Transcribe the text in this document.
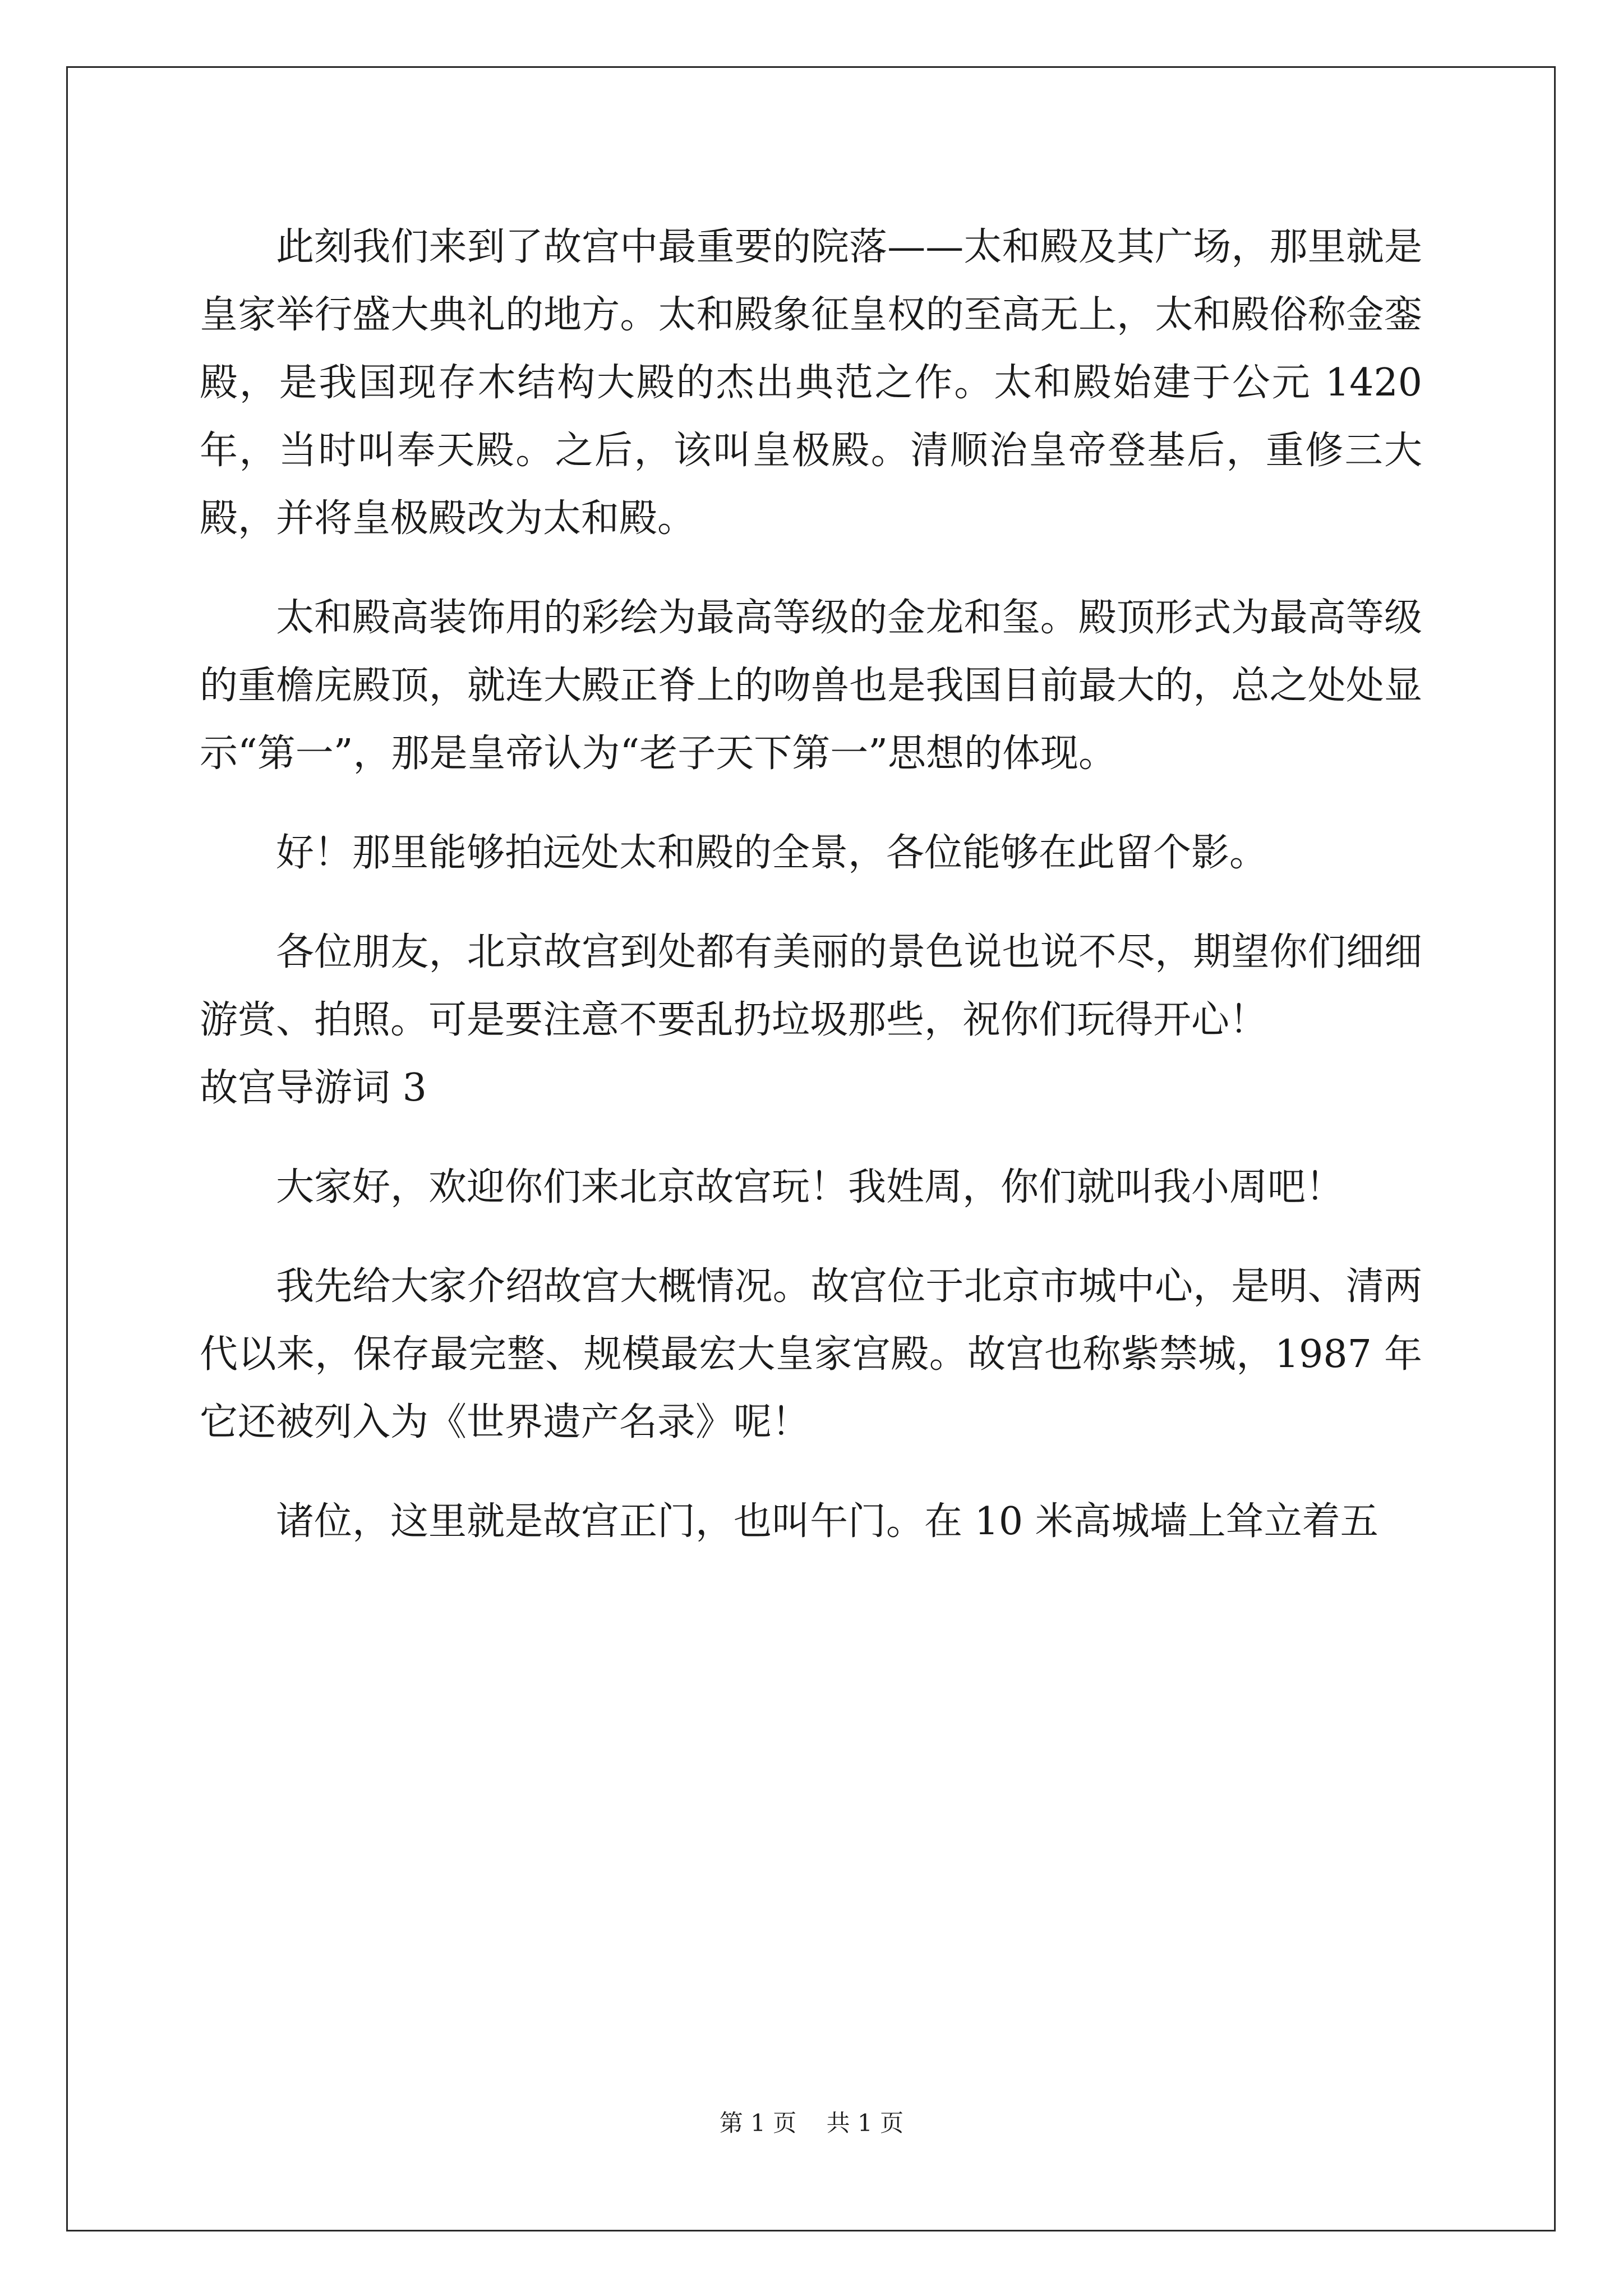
此刻我们来到了故宫中最重要的院落——太和殿及其广场，那里就是皇家举行盛大典礼的地方。太和殿象征皇权的至高无上，太和殿俗称金銮殿，是我国现存木结构大殿的杰出典范之作。太和殿始建于公元 1420 年，当时叫奉天殿。之后，该叫皇极殿。清顺治皇帝登基后，重修三大殿，并将皇极殿改为太和殿。

太和殿高装饰用的彩绘为最高等级的金龙和玺。殿顶形式为最高等级的重檐庑殿顶，就连大殿正脊上的吻兽也是我国目前最大的，总之处处显示“第一”，那是皇帝认为“老子天下第一”思想的体现。

好！那里能够拍远处太和殿的全景，各位能够在此留个影。

各位朋友，北京故宫到处都有美丽的景色说也说不尽，期望你们细细游赏、拍照。可是要注意不要乱扔垃圾那些，祝你们玩得开心！

故宫导游词 3

大家好，欢迎你们来北京故宫玩！我姓周，你们就叫我小周吧！

我先给大家介绍故宫大概情况。故宫位于北京市城中心，是明、清两代以来，保存最完整、规模最宏大皇家宫殿。故宫也称紫禁城，1987 年它还被列入为《世界遗产名录》呢！

诸位，这里就是故宫正门，也叫午门。在 10 米高城墙上耸立着五

第 1 页 共 1 页
